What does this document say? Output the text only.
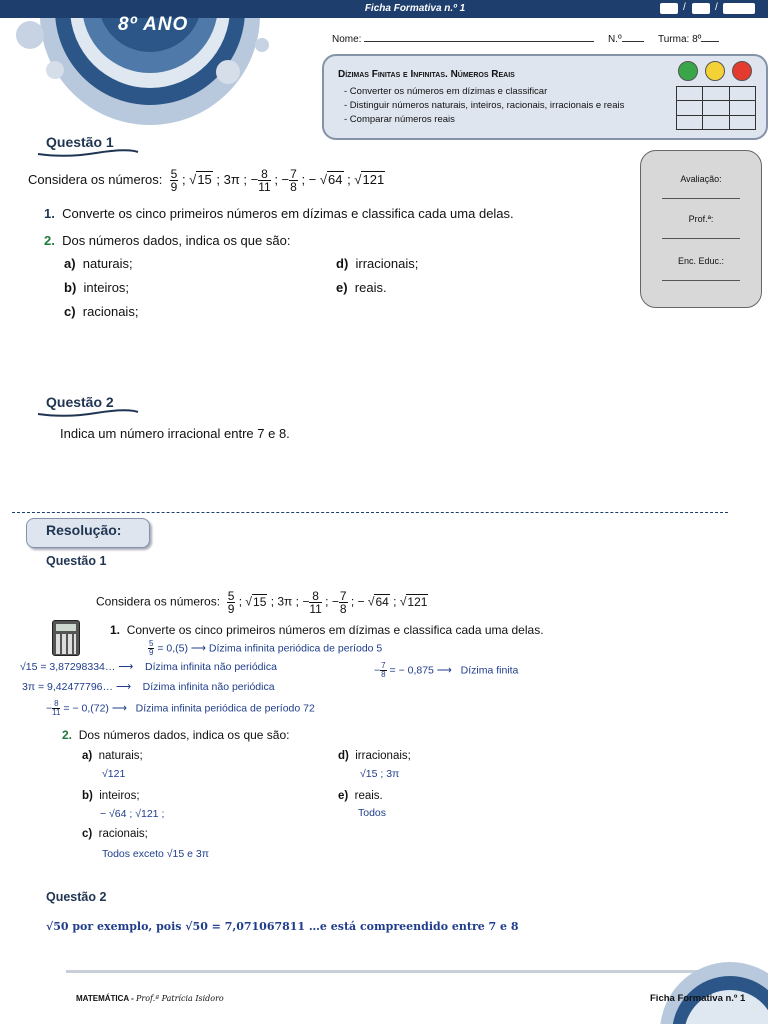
Ficha Formativa n.º 1	/	/
8º ANO
Nome:	N.º	Turma: 8º
Dízimas Finitas e Infinitas. Números Reais
- Converter os números em dízimas e classificar
- Distinguir números naturais, inteiros, racionais, irracionais e reais
- Comparar números reais

Avaliação:
Prof.ª:
Enc. Educ.:
Questão 1
Considera os números: $\frac{5}{9}$ ; √15 ; 3π ; − $\frac{8}{11}$ ; − $\frac{7}{8}$ ; − √64 ; √121
1. Converte os cinco primeiros números em dízimas e classifica cada uma delas.
2. Dos números dados, indica os que são:
a) naturais;
b) inteiros;
c) racionais;
d) irracionais;
e) reais.
Questão 2
Indica um número irracional entre 7 e 8.
Resolução:
Questão 1
Considera os números: $\frac{5}{9}$ ; √15 ; 3π ; − $\frac{8}{11}$ ; − $\frac{7}{8}$ ; − √64 ; √121
1. Converte os cinco primeiros números em dízimas e classifica cada uma delas.
$\frac{5}{9} = 0,(5)$ ⟶ Dízima infinita periódica de período 5
√15 = 3,87298334… ⟶    Dízima infinita não periódica
3π = 9,42477796… ⟶    Dízima infinita não periódica
− $\frac{8}{11}$ = − 0,(72) ⟶   Dízima infinita periódica de período 72
− $\frac{7}{8}$ = − 0,875 ⟶   Dízima finita
2. Dos números dados, indica os que são:
a) naturais;
√121
b) inteiros;
− √64 ; √121 ;
c) racionais;
Todos exceto √15 e 3π
d) irracionais;
√15 ; 3π
e) reais.
Todos
Questão 2
√50 por exemplo, pois √50 = 7,071067811 …e está compreendido entre 7 e 8
MATEMÁTICA - Prof.ª Patrícia Isidoro	Ficha Formativa n.º 1
